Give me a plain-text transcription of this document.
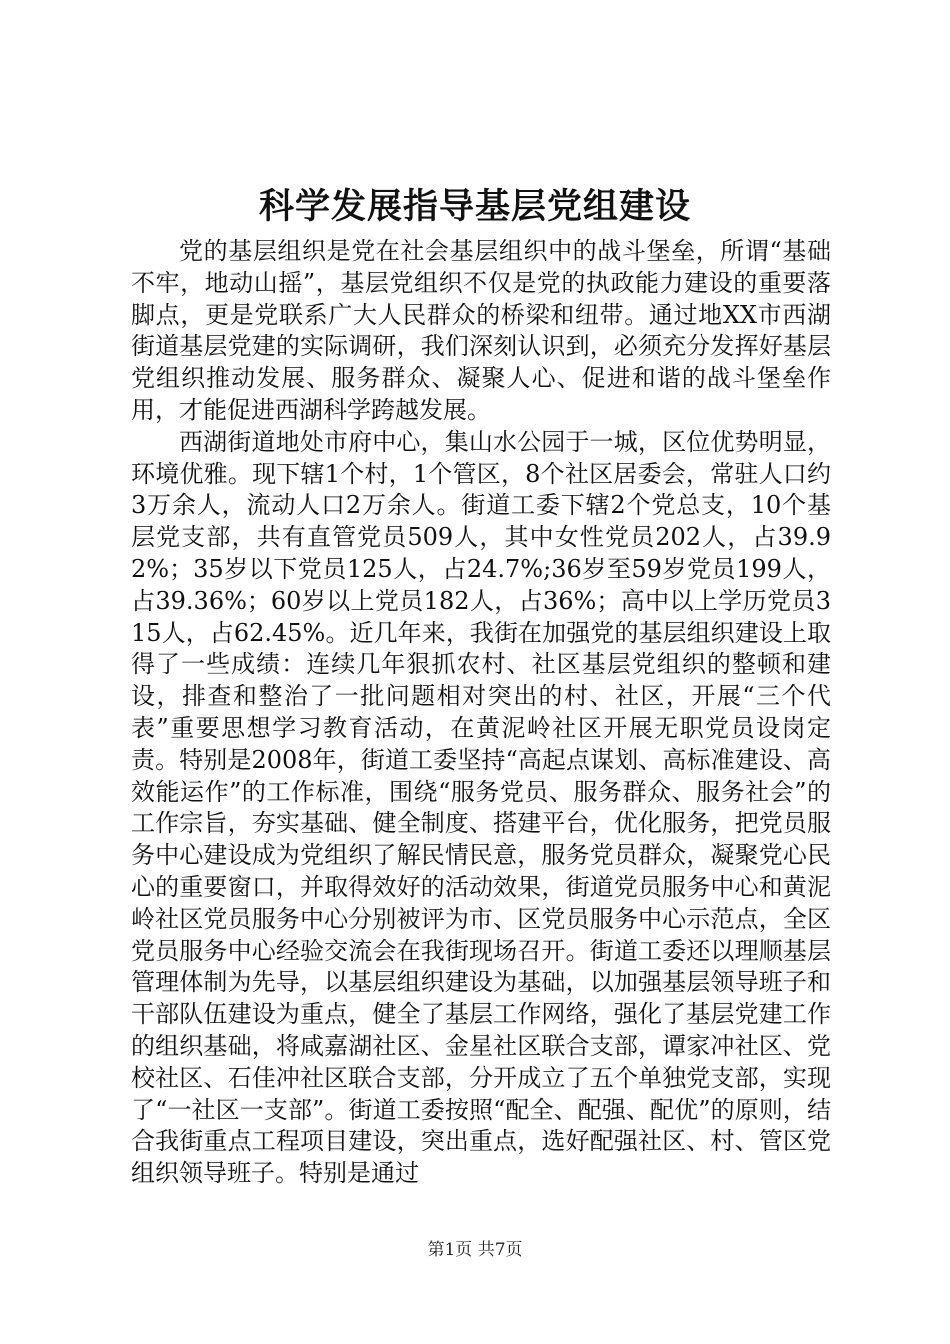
科学发展指导基层党组建设

党的基层组织是党在社会基层组织中的战斗堡垒，所谓“基础不牢，地动山摇”，基层党组织不仅是党的执政能力建设的重要落脚点，更是党联系广大人民群众的桥梁和纽带。通过地XX市西湖街道基层党建的实际调研，我们深刻认识到，必须充分发挥好基层党组织推动发展、服务群众、凝聚人心、促进和谐的战斗堡垒作用，才能促进西湖科学跨越发展。

西湖街道地处市府中心，集山水公园于一城，区位优势明显，环境优雅。现下辖1个村，1个管区，8个社区居委会，常驻人口约3万余人，流动人口2万余人。街道工委下辖2个党总支，10个基层党支部，共有直管党员509人，其中女性党员202人，占39.92%；35岁以下党员125人，占24.7%;36岁至59岁党员199人，占39.36%；60岁以上党员182人，占36%；高中以上学历党员315人，占62.45%。近几年来，我街在加强党的基层组织建设上取得了一些成绩：连续几年狠抓农村、社区基层党组织的整顿和建设，排查和整治了一批问题相对突出的村、社区，开展“三个代表”重要思想学习教育活动，在黄泥岭社区开展无职党员设岗定责。特别是2008年，街道工委坚持“高起点谋划、高标准建设、高效能运作”的工作标准，围绕“服务党员、服务群众、服务社会”的工作宗旨，夯实基础、健全制度、搭建平台，优化服务，把党员服务中心建设成为党组织了解民情民意，服务党员群众，凝聚党心民心的重要窗口，并取得效好的活动效果，街道党员服务中心和黄泥岭社区党员服务中心分别被评为市、区党员服务中心示范点，全区党员服务中心经验交流会在我街现场召开。街道工委还以理顺基层管理体制为先导，以基层组织建设为基础，以加强基层领导班子和干部队伍建设为重点，健全了基层工作网络，强化了基层党建工作的组织基础，将咸嘉湖社区、金星社区联合支部，谭家冲社区、党校社区、石佳冲社区联合支部，分开成立了五个单独党支部，实现了“一社区一支部”。街道工委按照“配全、配强、配优”的原则，结合我街重点工程项目建设，突出重点，选好配强社区、村、管区党组织领导班子。特别是通过

第1页 共7页
